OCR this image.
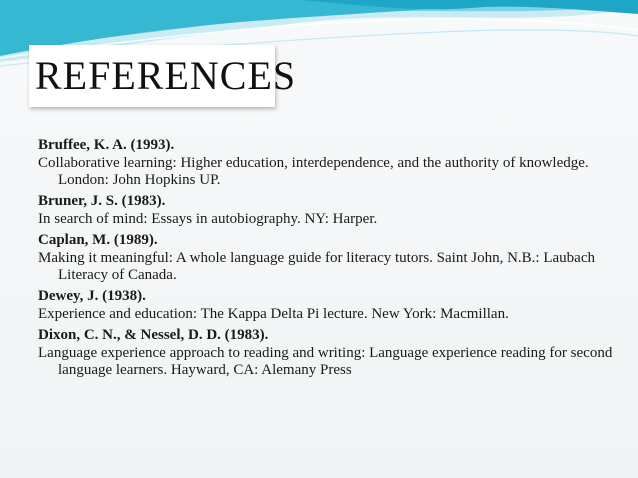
REFERENCES

Bruffee, K. A. (1993).

Collaborative learning: Higher education, interdependence, and the authority of knowledge. London: John Hopkins UP.

Bruner, J. S. (1983).

In search of mind: Essays in autobiography. NY: Harper.

Caplan, M. (1989).

Making it meaningful: A whole language guide for literacy tutors. Saint John, N.B.: Laubach Literacy of Canada.

Dewey, J. (1938).

Experience and education: The Kappa Delta Pi lecture. New York: Macmillan.

Dixon, C. N., & Nessel, D. D. (1983).

Language experience approach to reading and writing: Language experience reading for second language learners. Hayward, CA: Alemany Press
